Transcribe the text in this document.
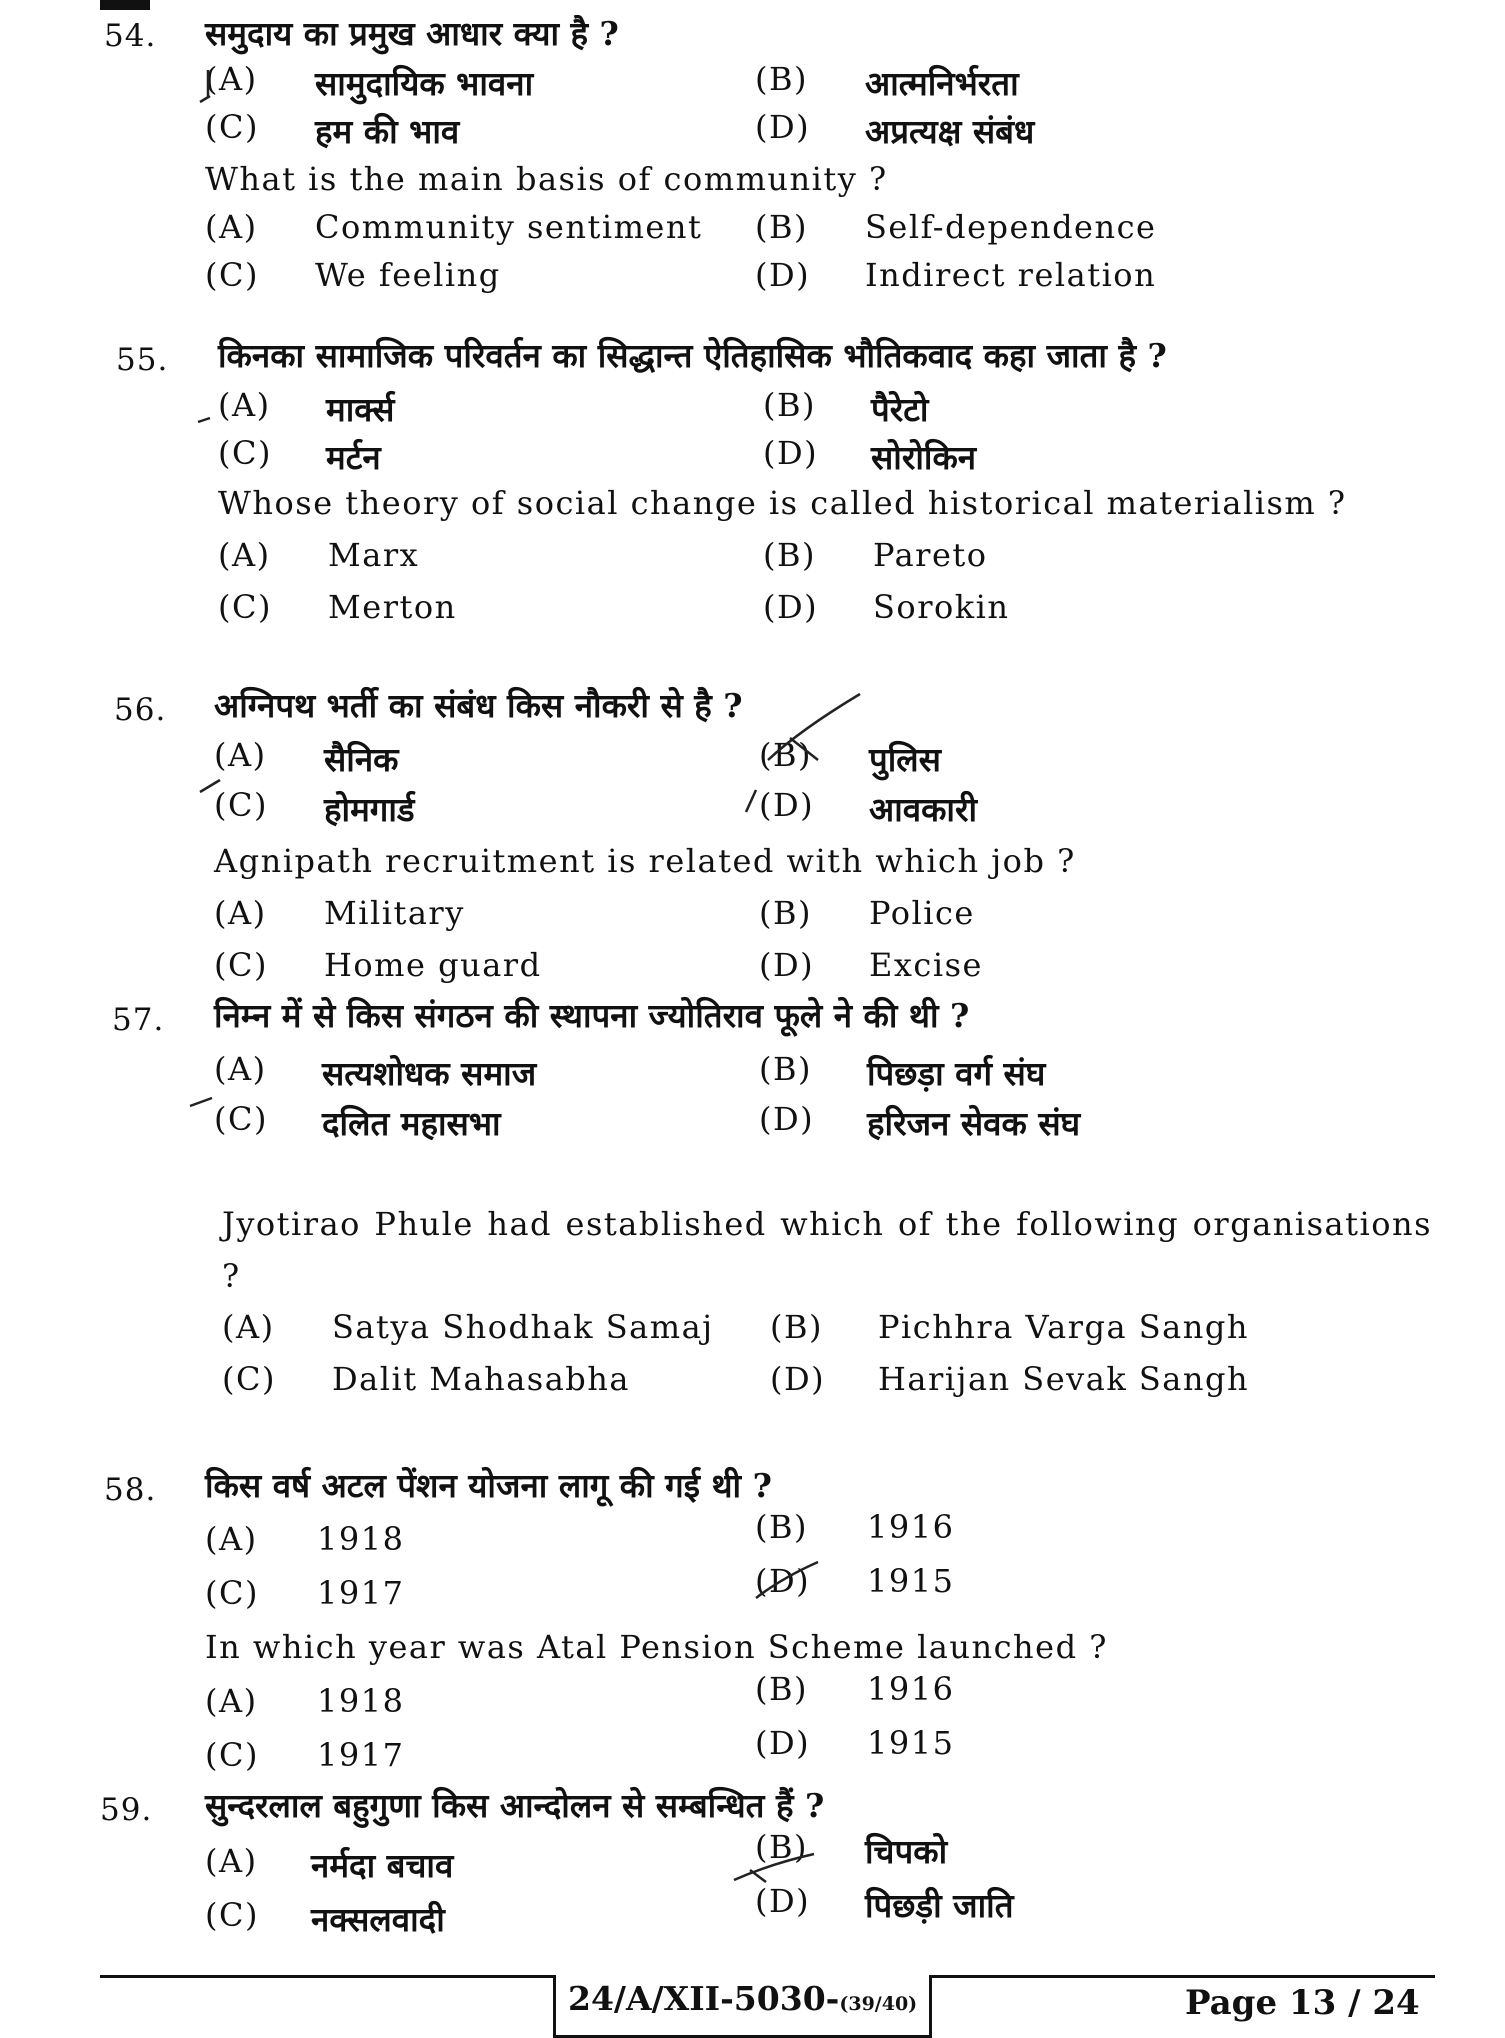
54. समुदाय का प्रमुख आधार क्या है ?
(A) सामुदायिक भावना	(B) आत्मनिर्भरता
(C) हम की भाव	(D) अप्रत्यक्ष संबंध
What is the main basis of community ?
(A) Community sentiment (B) Self-dependence
(C) We feeling	(D) Indirect relation
55. किनका सामाजिक परिवर्तन का सिद्धान्त ऐतिहासिक भौतिकवाद कहा जाता है ?
(A) मार्क्स	(B) पैरेटो
(C) मर्टन	(D) सोरोकिन
Whose theory of social change is called historical materialism ?
(A) Marx	(B) Pareto
(C) Merton	(D) Sorokin
56. अग्निपथ भर्ती का संबंध किस नौकरी से है ?
(A) सैनिक	(B) पुलिस
(C) होमगार्ड	(D) आवकारी
Agnipath recruitment is related with which job ?
(A) Military	(B) Police
(C) Home guard	(D) Excise
57. निम्न में से किस संगठन की स्थापना ज्योतिराव फूले ने की थी ?
(A) सत्यशोधक समाज	(B) पिछड़ा वर्ग संघ
(C) दलित महासभा	(D) हरिजन सेवक संघ
Jyotirao Phule had established which of the following organisations ?
(A) Satya Shodhak Samaj (B) Pichhra Varga Sangh
(C) Dalit Mahasabha	(D) Harijan Sevak Sangh
58. किस वर्ष अटल पेंशन योजना लागू की गई थी ?
(A) 1918	(B) 1916
(C) 1917	(D) 1915
In which year was Atal Pension Scheme launched ?
(A) 1918	(B) 1916
(C) 1917	(D) 1915
59. सुन्दरलाल बहुगुणा किस आन्दोलन से सम्बन्धित हैं ?
(A) नर्मदा बचाव	(B) चिपको
(C) नक्सलवादी	(D) पिछड़ी जाति
24/A/XII-5030-(39/40)	Page 13 / 24
